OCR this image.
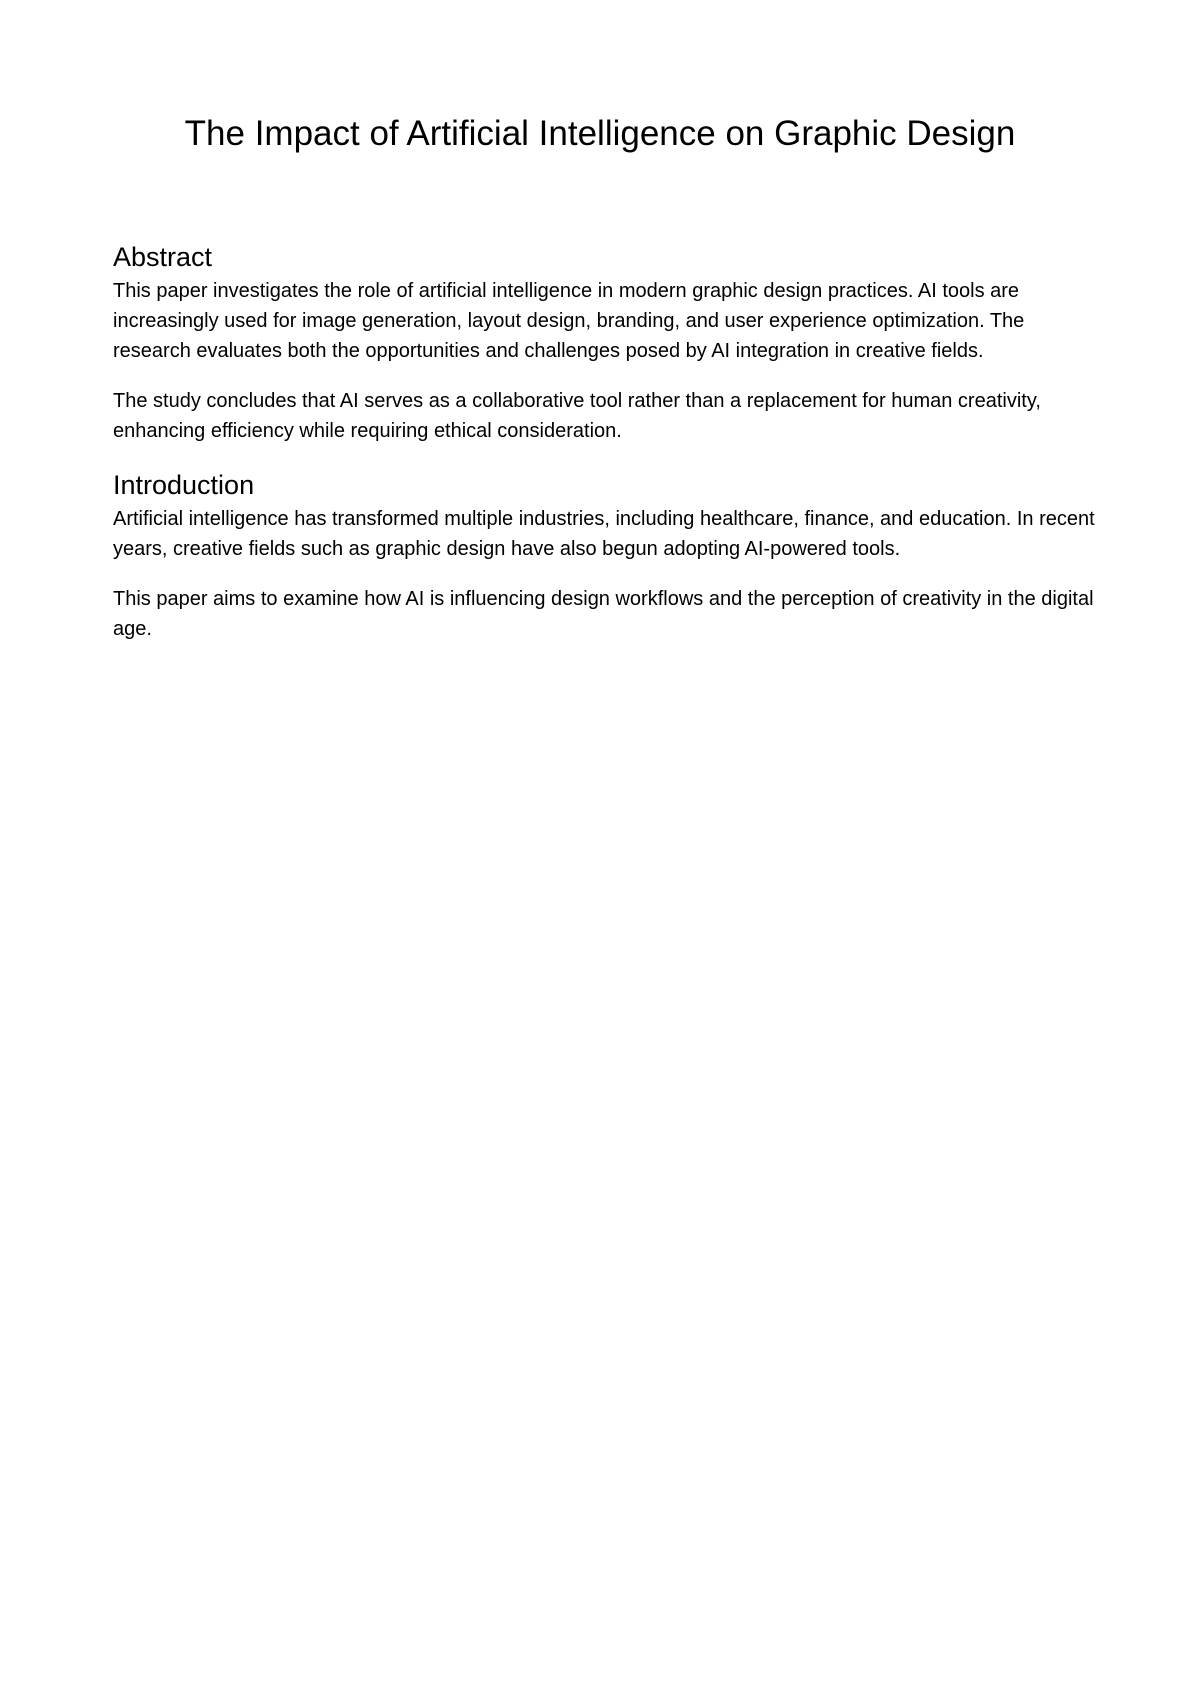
The Impact of Artificial Intelligence on Graphic Design
Abstract

This paper investigates the role of artificial intelligence in modern graphic design practices. AI tools are increasingly used for image generation, layout design, branding, and user experience optimization. The research evaluates both the opportunities and challenges posed by AI integration in creative fields.

The study concludes that AI serves as a collaborative tool rather than a replacement for human creativity, enhancing efficiency while requiring ethical consideration.

Introduction

Artificial intelligence has transformed multiple industries, including healthcare, finance, and education. In recent years, creative fields such as graphic design have also begun adopting AI-powered tools.

This paper aims to examine how AI is influencing design workflows and the perception of creativity in the digital age.
